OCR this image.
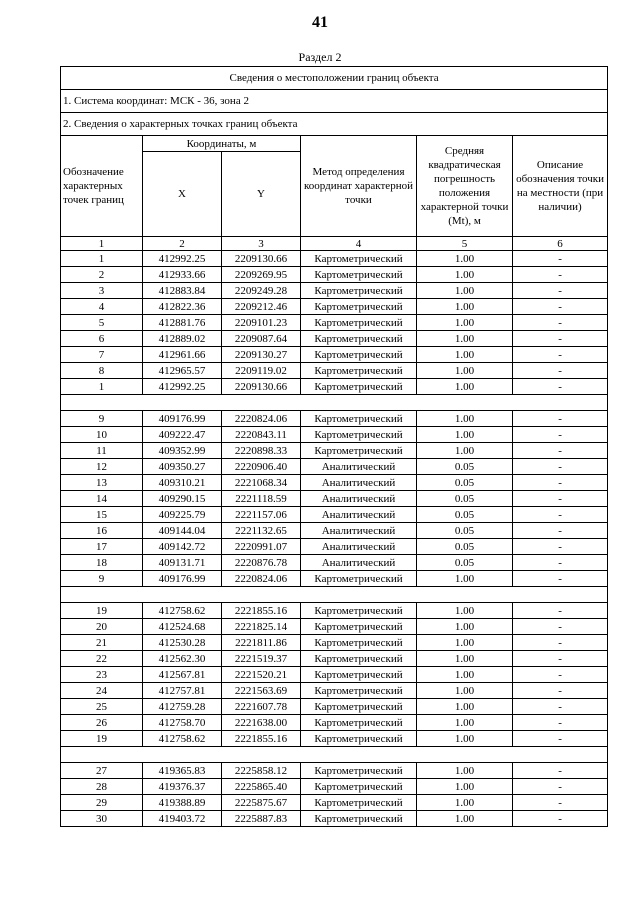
41
Раздел 2
Сведения о местоположении границ объекта					
1. Система координат: МСК - 36, зона 2					
2. Сведения о характерных точках границ объекта					
Обозначение характерных точек границ	Координаты, м		Метод определения координат характерной точки	Средняя квадратическая погрешность положения характерной точки (Mt), м	Описание обозначения точки на местности (при наличии)
	X	Y			
1	2	3	4	5	6
1	412992.25	2209130.66	Картометрический	1.00	-
2	412933.66	2209269.95	Картометрический	1.00	-
3	412883.84	2209249.28	Картометрический	1.00	-
4	412822.36	2209212.46	Картометрический	1.00	-
5	412881.76	2209101.23	Картометрический	1.00	-
6	412889.02	2209087.64	Картометрический	1.00	-
7	412961.66	2209130.27	Картометрический	1.00	-
8	412965.57	2209119.02	Картометрический	1.00	-
1	412992.25	2209130.66	Картометрический	1.00	-

9	409176.99	2220824.06	Картометрический	1.00	-
10	409222.47	2220843.11	Картометрический	1.00	-
11	409352.99	2220898.33	Картометрический	1.00	-
12	409350.27	2220906.40	Аналитический	0.05	-
13	409310.21	2221068.34	Аналитический	0.05	-
14	409290.15	2221118.59	Аналитический	0.05	-
15	409225.79	2221157.06	Аналитический	0.05	-
16	409144.04	2221132.65	Аналитический	0.05	-
17	409142.72	2220991.07	Аналитический	0.05	-
18	409131.71	2220876.78	Аналитический	0.05	-
9	409176.99	2220824.06	Картометрический	1.00	-

19	412758.62	2221855.16	Картометрический	1.00	-
20	412524.68	2221825.14	Картометрический	1.00	-
21	412530.28	2221811.86	Картометрический	1.00	-
22	412562.30	2221519.37	Картометрический	1.00	-
23	412567.81	2221520.21	Картометрический	1.00	-
24	412757.81	2221563.69	Картометрический	1.00	-
25	412759.28	2221607.78	Картометрический	1.00	-
26	412758.70	2221638.00	Картометрический	1.00	-
19	412758.62	2221855.16	Картометрический	1.00	-

27	419365.83	2225858.12	Картометрический	1.00	-
28	419376.37	2225865.40	Картометрический	1.00	-
29	419388.89	2225875.67	Картометрический	1.00	-
30	419403.72	2225887.83	Картометрический	1.00	-
